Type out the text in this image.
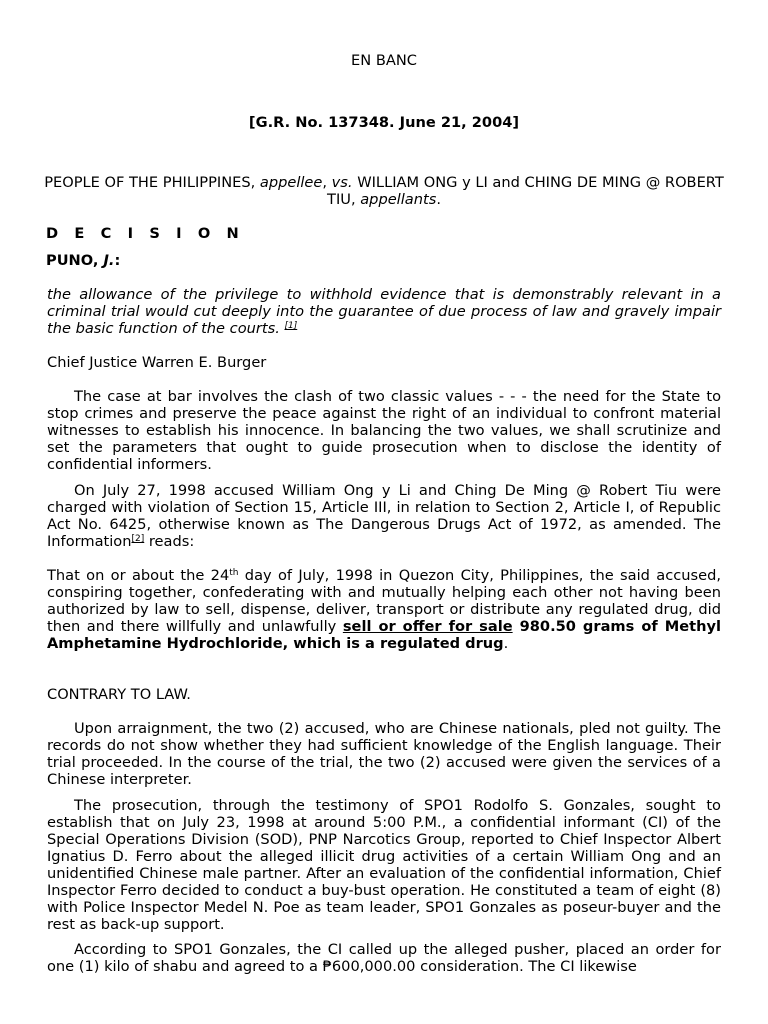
EN BANC

[G.R. No. 137348. June 21, 2004]

PEOPLE OF THE PHILIPPINES, appellee, vs. WILLIAM ONG y LI and CHING DE MING @ ROBERT TIU, appellants.

D E C I S I O N

PUNO, J.:

the allowance of the privilege to withhold evidence that is demonstrably relevant in a criminal trial would cut deeply into the guarantee of due process of law and gravely impair the basic function of the courts. [1]

Chief Justice Warren E. Burger

The case at bar involves the clash of two classic values - - - the need for the State to stop crimes and preserve the peace against the right of an individual to confront material witnesses to establish his innocence. In balancing the two values, we shall scrutinize and set the parameters that ought to guide prosecution when to disclose the identity of confidential informers.

On July 27, 1998 accused William Ong y Li and Ching De Ming @ Robert Tiu were charged with violation of Section 15, Article III, in relation to Section 2, Article I, of Republic Act No. 6425, otherwise known as The Dangerous Drugs Act of 1972, as amended. The Information[2] reads:

That on or about the 24th day of July, 1998 in Quezon City, Philippines, the said accused, conspiring together, confederating with and mutually helping each other not having been authorized by law to sell, dispense, deliver, transport or distribute any regulated drug, did then and there willfully and unlawfully sell or offer for sale 980.50 grams of Methyl Amphetamine Hydrochloride, which is a regulated drug.

CONTRARY TO LAW.

Upon arraignment, the two (2) accused, who are Chinese nationals, pled not guilty. The records do not show whether they had sufficient knowledge of the English language. Their trial proceeded. In the course of the trial, the two (2) accused were given the services of a Chinese interpreter.

The prosecution, through the testimony of SPO1 Rodolfo S. Gonzales, sought to establish that on July 23, 1998 at around 5:00 P.M., a confidential informant (CI) of the Special Operations Division (SOD), PNP Narcotics Group, reported to Chief Inspector Albert Ignatius D. Ferro about the alleged illicit drug activities of a certain William Ong and an unidentified Chinese male partner. After an evaluation of the confidential information, Chief Inspector Ferro decided to conduct a buy-bust operation. He constituted a team of eight (8) with Police Inspector Medel N. Poe as team leader, SPO1 Gonzales as poseur-buyer and the rest as back-up support.

According to SPO1 Gonzales, the CI called up the alleged pusher, placed an order for one (1) kilo of shabu and agreed to a ₱600,000.00 consideration. The CI likewise
